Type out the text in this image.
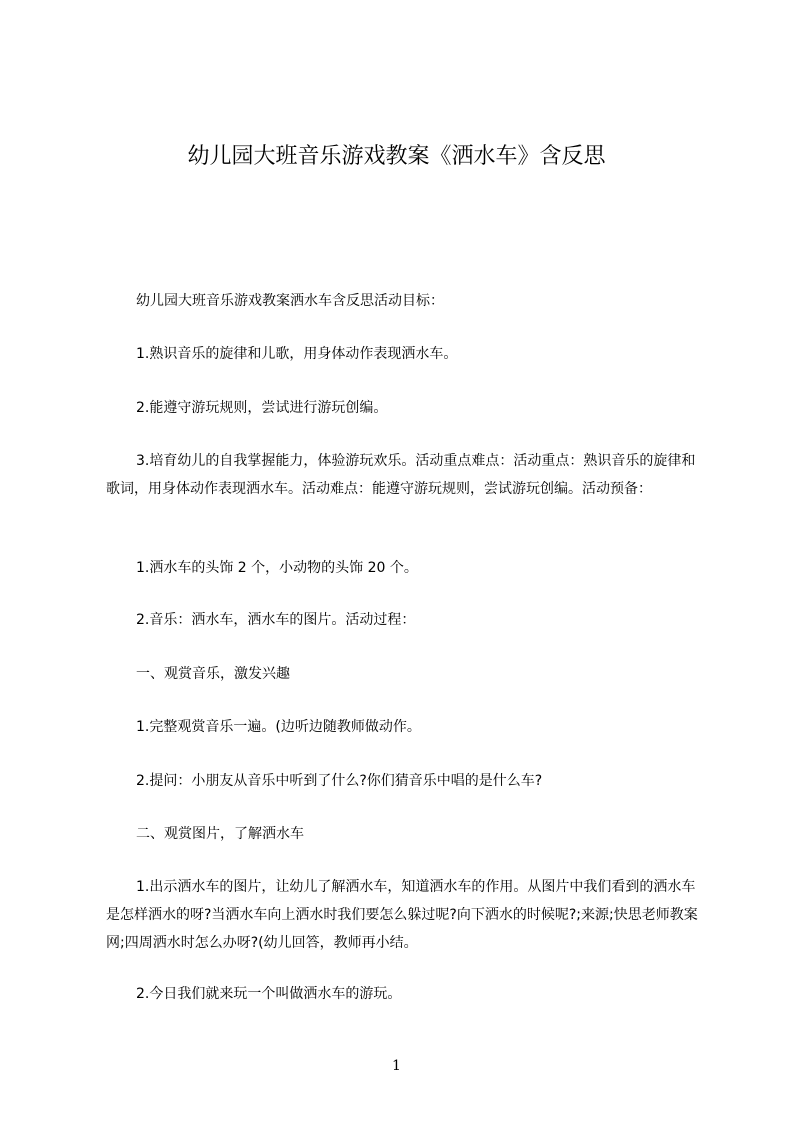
幼儿园大班音乐游戏教案《洒水车》含反思

幼儿园大班音乐游戏教案洒水车含反思活动目标：

1.熟识音乐的旋律和儿歌，用身体动作表现洒水车。

2.能遵守游玩规则，尝试进行游玩创编。

3.培育幼儿的自我掌握能力，体验游玩欢乐。活动重点难点：活动重点：熟识音乐的旋律和歌词，用身体动作表现洒水车。活动难点：能遵守游玩规则，尝试游玩创编。活动预备：

1.洒水车的头饰 2 个，小动物的头饰 20 个。

2.音乐：洒水车，洒水车的图片。活动过程：

一、观赏音乐，激发兴趣

1.完整观赏音乐一遍。(边听边随教师做动作。

2.提问：小朋友从音乐中听到了什么?你们猜音乐中唱的是什么车?

二、观赏图片，了解洒水车

1.出示洒水车的图片，让幼儿了解洒水车，知道洒水车的作用。从图片中我们看到的洒水车是怎样洒水的呀?当洒水车向上洒水时我们要怎么躲过呢?向下洒水的时候呢?;来源;快思老师教案网;四周洒水时怎么办呀?(幼儿回答，教师再小结。

2.今日我们就来玩一个叫做洒水车的游玩。

1
